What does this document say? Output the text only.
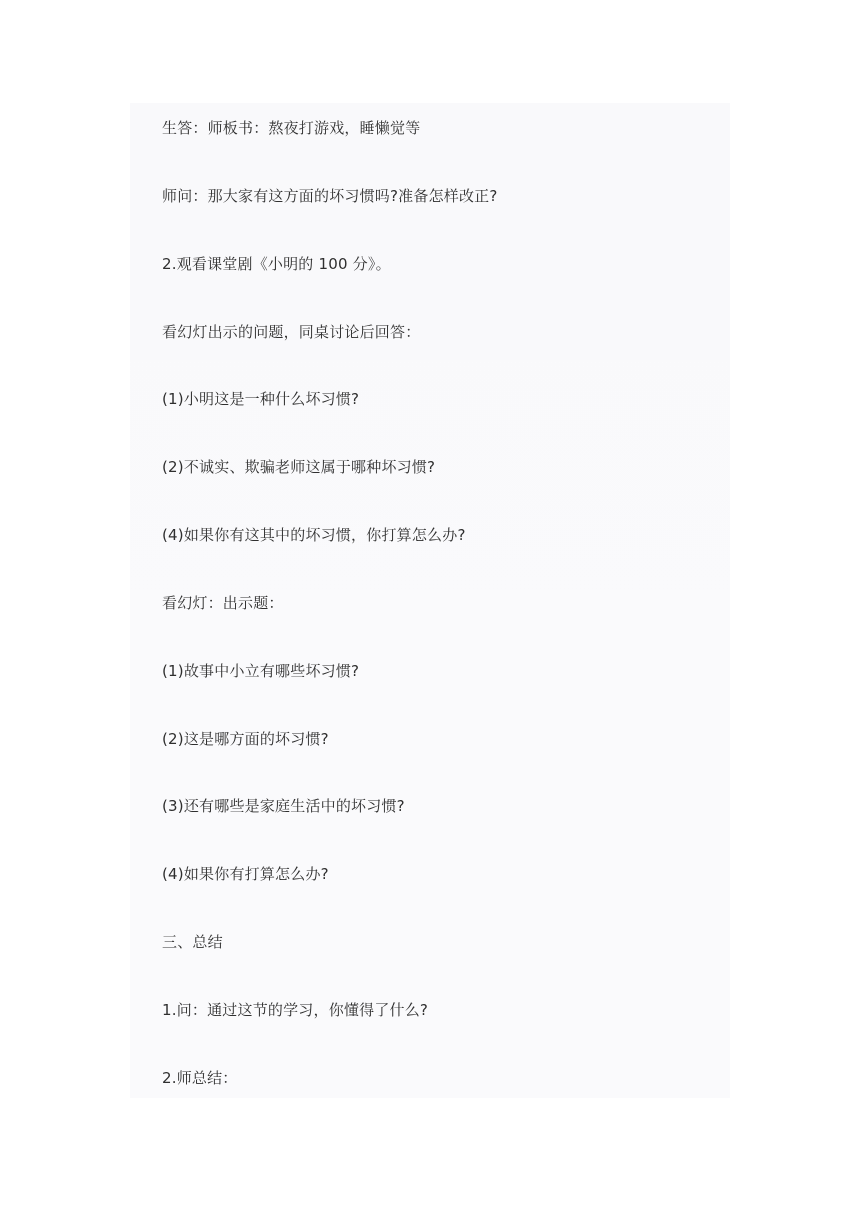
生答：师板书：熬夜打游戏，睡懒觉等

师问：那大家有这方面的坏习惯吗?准备怎样改正?

2.观看课堂剧《小明的 100 分》。

看幻灯出示的问题，同桌讨论后回答：

(1)小明这是一种什么坏习惯?

(2)不诚实、欺骗老师这属于哪种坏习惯?

(4)如果你有这其中的坏习惯，你打算怎么办?

看幻灯：出示题：

(1)故事中小立有哪些坏习惯?

(2)这是哪方面的坏习惯?

(3)还有哪些是家庭生活中的坏习惯?

(4)如果你有打算怎么办?

三、总结

1.问：通过这节的学习，你懂得了什么?

2.师总结：
